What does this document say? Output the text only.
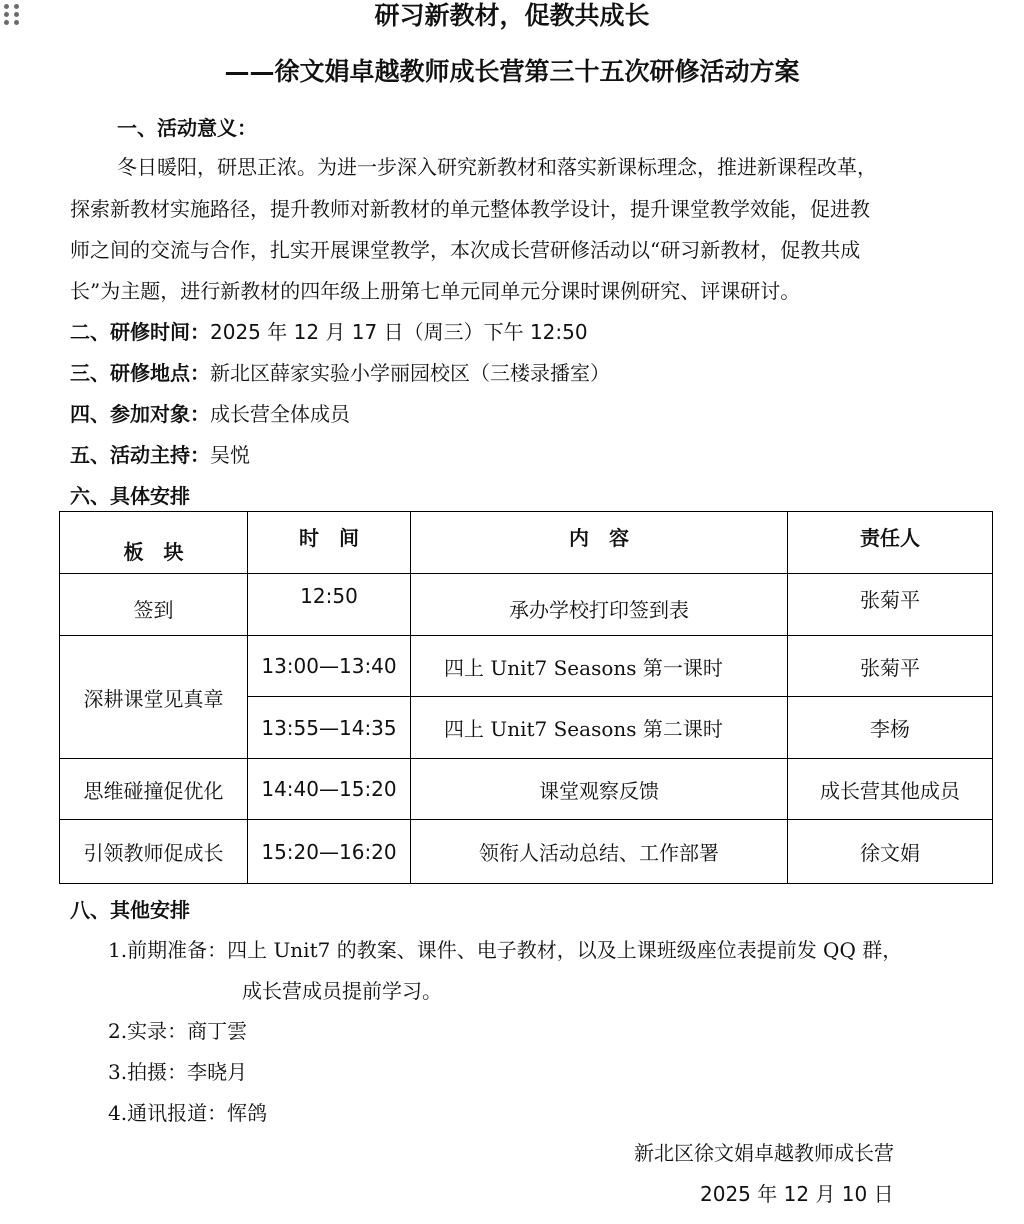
研习新教材，促教共成长
——徐文娟卓越教师成长营第三十五次研修活动方案
一、活动意义：
冬日暖阳，研思正浓。为进一步深入研究新教材和落实新课标理念，推进新课程改革，
探索新教材实施路径，提升教师对新教材的单元整体教学设计，提升课堂教学效能，促进教
师之间的交流与合作，扎实开展课堂教学，本次成长营研修活动以“研习新教材，促教共成
长”为主题，进行新教材的四年级上册第七单元同单元分课时课例研究、评课研讨。
二、研修时间：2025 年 12 月 17 日（周三）下午 12:50
三、研修地点：新北区薛家实验小学丽园校区（三楼录播室）
四、参加对象：成长营全体成员
五、活动主持：吴悦
六、具体安排
板　块	时　间	内　容	责任人
签到	12:50	承办学校打印签到表	张菊平
深耕课堂见真章	13:00—13:40	四上 Unit7 Seasons 第一课时	张菊平
	13:55—14:35	四上 Unit7 Seasons 第二课时	李杨
思维碰撞促优化	14:40—15:20	课堂观察反馈	成长营其他成员
引领教师促成长	15:20—16:20	领衔人活动总结、工作部署	徐文娟
八、其他安排
1.前期准备：四上 Unit7 的教案、课件、电子教材，以及上课班级座位表提前发 QQ 群，
成长营成员提前学习。
2.实录：商丁雲
3.拍摄：李晓月
4.通讯报道：恽鸽
新北区徐文娟卓越教师成长营
2025 年 12 月 10 日
